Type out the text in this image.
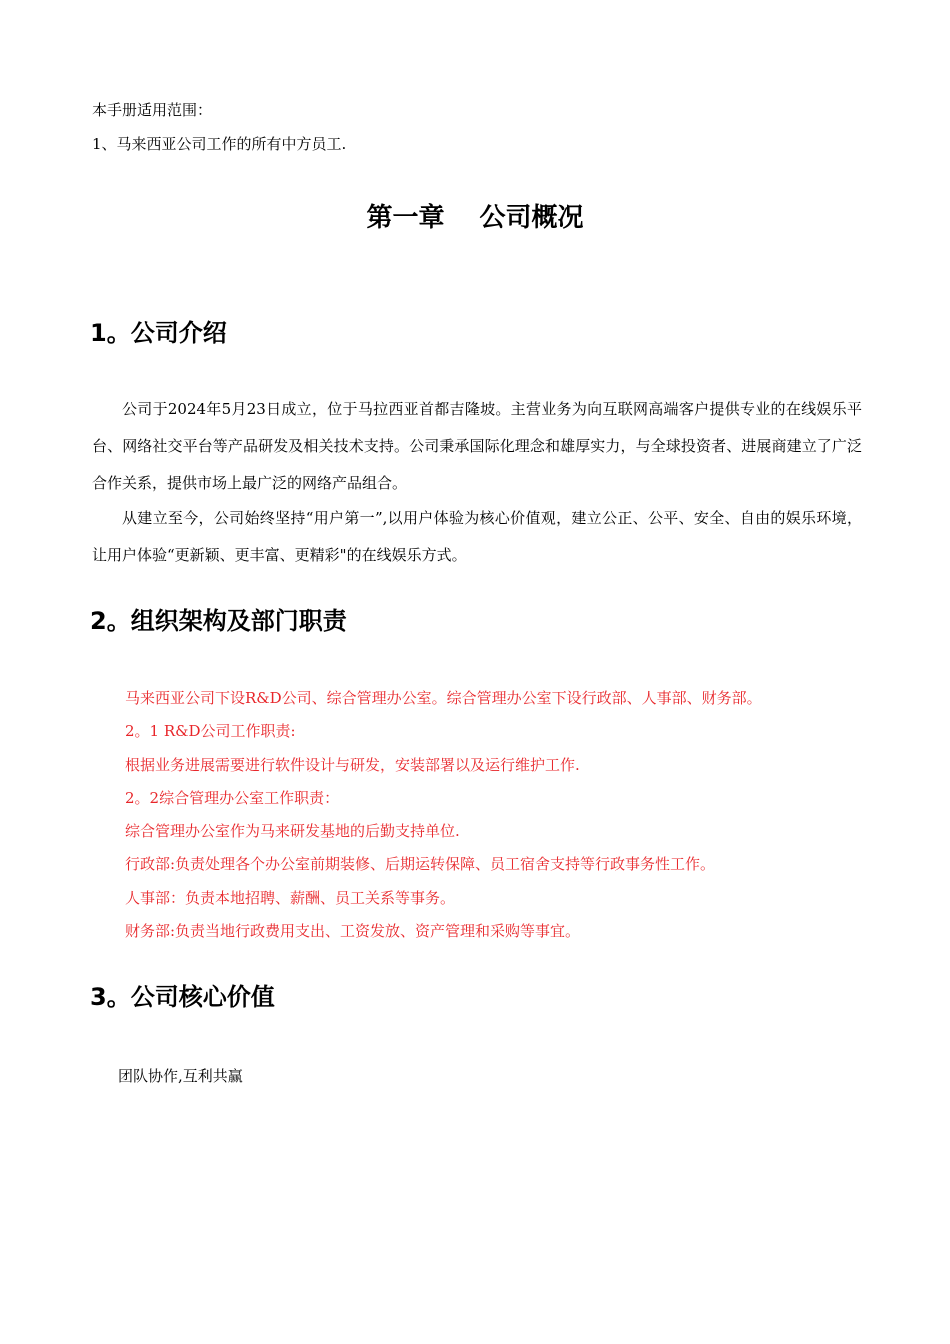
本手册适用范围：
1、马来西亚公司工作的所有中方员工.
第一章　 公司概况
1。公司介绍
公司于2024年5月23日成立，位于马拉西亚首都吉隆坡。主营业务为向互联网高端客户提供专业的在线娱乐平台、网络社交平台等产品研发及相关技术支持。公司秉承国际化理念和雄厚实力，与全球投资者、进展商建立了广泛合作关系，提供市场上最广泛的网络产品组合。
从建立至今，公司始终坚持“用户第一”,以用户体验为核心价值观，建立公正、公平、安全、自由的娱乐环境，让用户体验“更新颖、更丰富、更精彩"的在线娱乐方式。
2。组织架构及部门职责
马来西亚公司下设R&D公司、综合管理办公室。综合管理办公室下设行政部、人事部、财务部。
2。1 R&D公司工作职责:
根据业务进展需要进行软件设计与研发，安装部署以及运行维护工作.
2。2综合管理办公室工作职责：
综合管理办公室作为马来研发基地的后勤支持单位.
行政部:负责处理各个办公室前期装修、后期运转保障、员工宿舍支持等行政事务性工作。
人事部：负责本地招聘、薪酬、员工关系等事务。
财务部:负责当地行政费用支出、工资发放、资产管理和采购等事宜。
3。公司核心价值
团队协作,互利共赢
